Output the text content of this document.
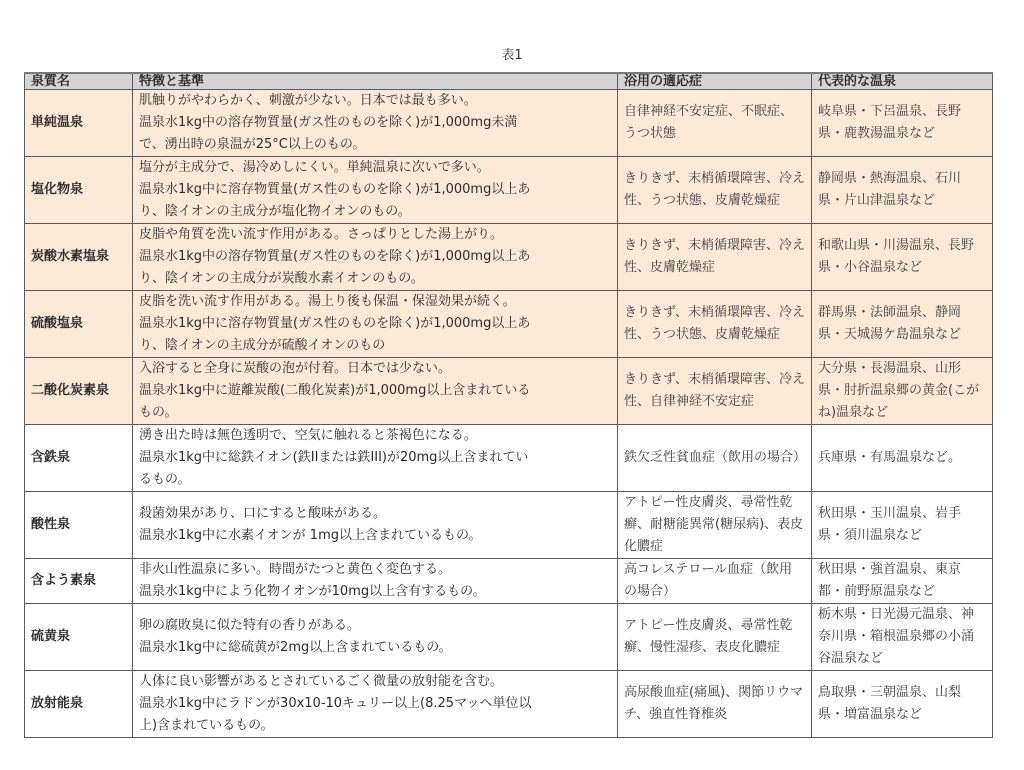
表1
泉質名	特徴と基準	浴用の適応症	代表的な温泉
単純温泉	肌触りがやわらかく、刺激が少ない。日本では最も多い。
温泉水1kg中の溶存物質量(ガス性のものを除く)が1,000mg未満
で、湧出時の泉温が25°C以上のもの。	自律神経不安定症、不眠症、うつ状態	岐阜県・下呂温泉、長野県・鹿教湯温泉など
塩化物泉	塩分が主成分で、湯冷めしにくい。単純温泉に次いで多い。
温泉水1kg中に溶存物質量(ガス性のものを除く)が1,000mg以上あ
り、陰イオンの主成分が塩化物イオンのもの。	きりきず、末梢循環障害、冷え性、うつ状態、皮膚乾燥症	静岡県・熱海温泉、石川県・片山津温泉など
炭酸水素塩泉	皮脂や角質を洗い流す作用がある。さっぱりとした湯上がり。
温泉水1kg中の溶存物質量(ガス性のものを除く)が1,000mg以上あ
り、陰イオンの主成分が炭酸水素イオンのもの。	きりきず、末梢循環障害、冷え性、皮膚乾燥症	和歌山県・川湯温泉、長野県・小谷温泉など
硫酸塩泉	皮脂を洗い流す作用がある。湯上り後も保温・保湿効果が続く。
温泉水1kg中に溶存物質量(ガス性のものを除く)が1,000mg以上あ
り、陰イオンの主成分が硫酸イオンのもの	きりきず、末梢循環障害、冷え性、うつ状態、皮膚乾燥症	群馬県・法師温泉、静岡県・天城湯ケ島温泉など
二酸化炭素泉	入浴すると全身に炭酸の泡が付着。日本では少ない。
温泉水1kg中に遊離炭酸(二酸化炭素)が1,000mg以上含まれている
もの。	きりきず、末梢循環障害、冷え性、自律神経不安定症	大分県・長湯温泉、山形県・肘折温泉郷の黄金(こがね)温泉など
含鉄泉	湧き出た時は無色透明で、空気に触れると茶褐色になる。
温泉水1kg中に総鉄イオン(鉄IIまたは鉄III)が20mg以上含まれてい
るもの。	鉄欠乏性貧血症（飲用の場合）	兵庫県・有馬温泉など。
酸性泉	殺菌効果があり、口にすると酸味がある。
温泉水1kg中に水素イオンが 1mg以上含まれているもの。	アトピー性皮膚炎、尋常性乾癬、耐糖能異常(糖尿病)、表皮化膿症	秋田県・玉川温泉、岩手県・須川温泉など
含よう素泉	非火山性温泉に多い。時間がたつと黄色く変色する。
温泉水1kg中によう化物イオンが10mg以上含有するもの。	高コレステロール血症（飲用の場合）	秋田県・強首温泉、東京都・前野原温泉など
硫黄泉	卵の腐敗臭に似た特有の香りがある。
温泉水1kg中に総硫黄が2mg以上含まれているもの。	アトピー性皮膚炎、尋常性乾癬、慢性湿疹、表皮化膿症	栃木県・日光湯元温泉、神奈川県・箱根温泉郷の小涌谷温泉など
放射能泉	人体に良い影響があるとされているごく微量の放射能を含む。
温泉水1kg中にラドンが30x10-10キュリー以上(8.25マッヘ単位以
上)含まれているもの。	高尿酸血症(痛風)、関節リウマチ、強直性脊椎炎	鳥取県・三朝温泉、山梨県・増富温泉など
